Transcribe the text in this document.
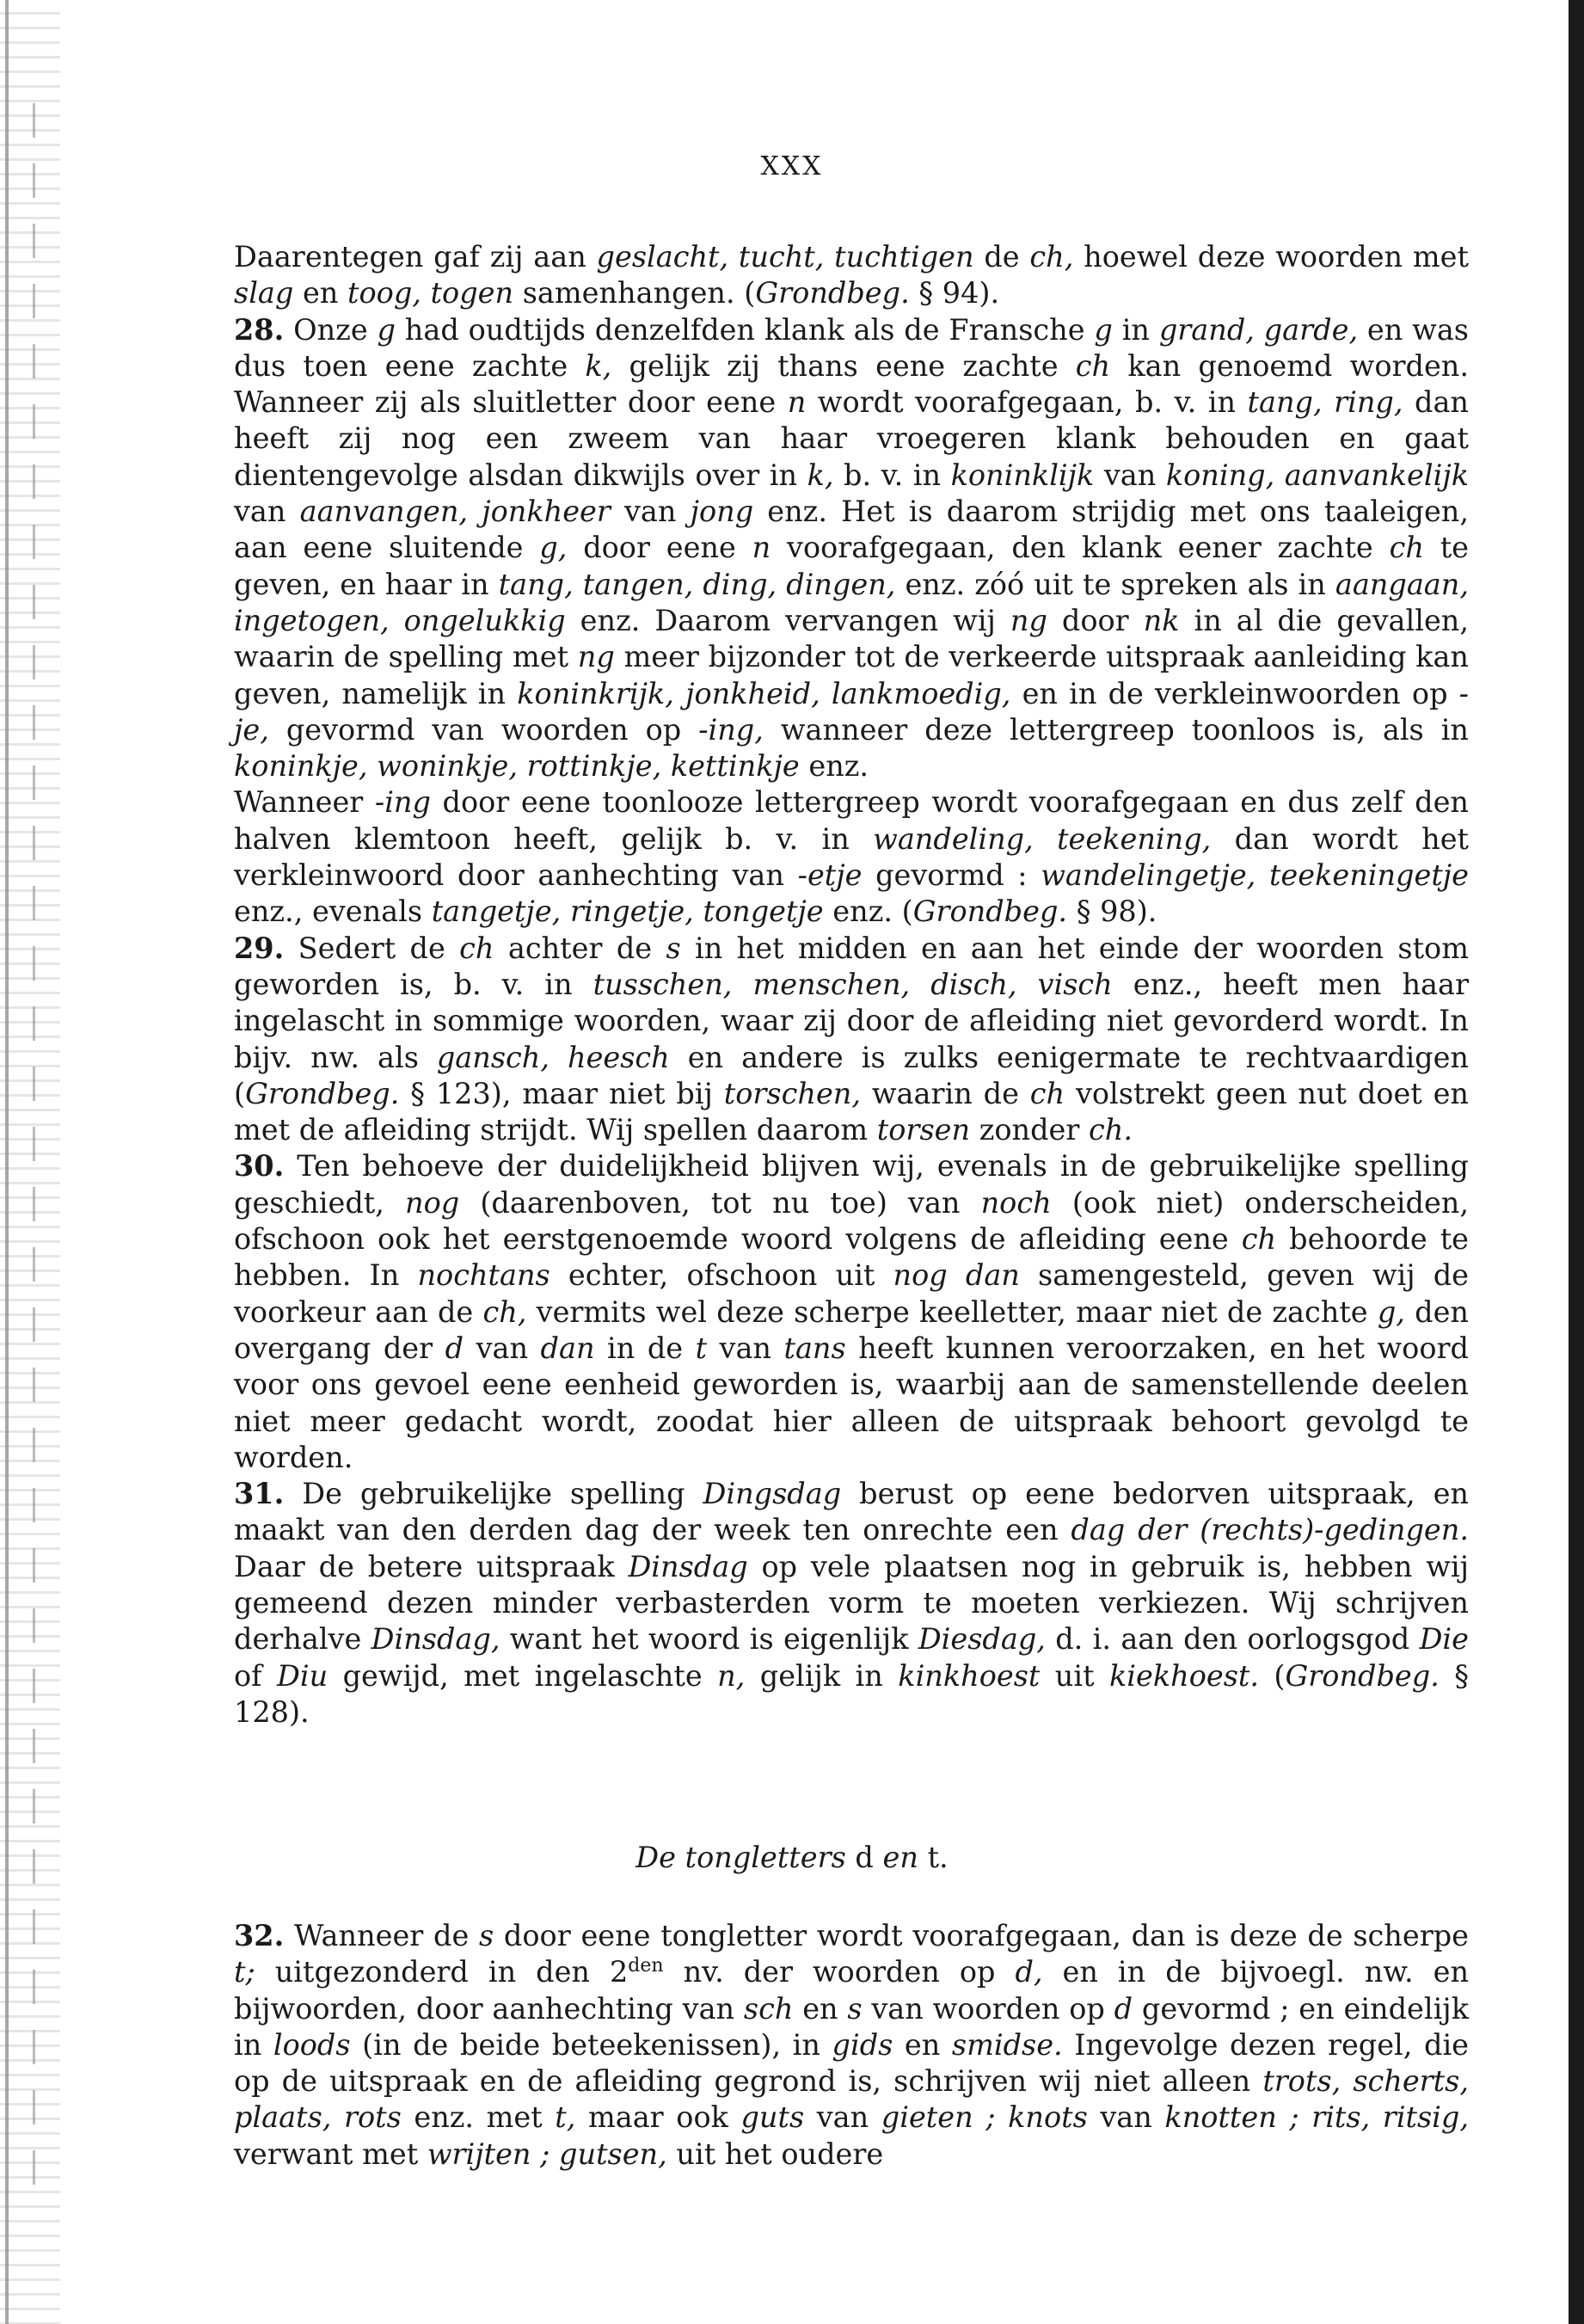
XXX

Daarentegen gaf zij aan geslacht, tucht, tuchtigen de ch, hoewel deze woorden met slag en toog, togen samenhangen. (Grondbeg. § 94).

28. Onze g had oudtijds denzelfden klank als de Fransche g in grand, garde, en was dus toen eene zachte k, gelijk zij thans eene zachte ch kan genoemd worden. Wanneer zij als sluitletter door eene n wordt voorafgegaan, b. v. in tang, ring, dan heeft zij nog een zweem van haar vroegeren klank behouden en gaat dientengevolge alsdan dikwijls over in k, b. v. in koninklijk van koning, aanvankelijk van aanvangen, jonkheer van jong enz. Het is daarom strijdig met ons taaleigen, aan eene sluitende g, door eene n voorafgegaan, den klank eener zachte ch te geven, en haar in tang, tangen, ding, dingen, enz. zóó uit te spreken als in aangaan, ingetogen, ongelukkig enz. Daarom vervangen wij ng door nk in al die gevallen, waarin de spelling met ng meer bijzonder tot de verkeerde uitspraak aanleiding kan geven, namelijk in koninkrijk, jonkheid, lankmoedig, en in de verkleinwoorden op -je, gevormd van woorden op -ing, wanneer deze lettergreep toonloos is, als in koninkje, woninkje, rottinkje, kettinkje enz.

Wanneer -ing door eene toonlooze lettergreep wordt voorafgegaan en dus zelf den halven klemtoon heeft, gelijk b. v. in wandeling, teekening, dan wordt het verkleinwoord door aanhechting van -etje gevormd : wandelingetje, teekeningetje enz., evenals tangetje, ringetje, tongetje enz. (Grondbeg. § 98).

29. Sedert de ch achter de s in het midden en aan het einde der woorden stom geworden is, b. v. in tusschen, menschen, disch, visch enz., heeft men haar ingelascht in sommige woorden, waar zij door de afleiding niet gevorderd wordt. In bijv. nw. als gansch, heesch en andere is zulks eenigermate te rechtvaardigen (Grondbeg. § 123), maar niet bij torschen, waarin de ch volstrekt geen nut doet en met de afleiding strijdt. Wij spellen daarom torsen zonder ch.

30. Ten behoeve der duidelijkheid blijven wij, evenals in de gebruikelijke spelling geschiedt, nog (daarenboven, tot nu toe) van noch (ook niet) onderscheiden, ofschoon ook het eerstgenoemde woord volgens de afleiding eene ch behoorde te hebben. In nochtans echter, ofschoon uit nog dan samengesteld, geven wij de voorkeur aan de ch, vermits wel deze scherpe keelletter, maar niet de zachte g, den overgang der d van dan in de t van tans heeft kunnen veroorzaken, en het woord voor ons gevoel eene eenheid geworden is, waarbij aan de samenstellende deelen niet meer gedacht wordt, zoodat hier alleen de uitspraak behoort gevolgd te worden.

31. De gebruikelijke spelling Dingsdag berust op eene bedorven uitspraak, en maakt van den derden dag der week ten onrechte een dag der (rechts)-gedingen. Daar de betere uitspraak Dinsdag op vele plaatsen nog in gebruik is, hebben wij gemeend dezen minder verbasterden vorm te moeten verkiezen. Wij schrijven derhalve Dinsdag, want het woord is eigenlijk Diesdag, d. i. aan den oorlogsgod Die of Diu gewijd, met ingelaschte n, gelijk in kinkhoest uit kiekhoest. (Grondbeg. § 128).

De tongletters d en t.

32. Wanneer de s door eene tongletter wordt voorafgegaan, dan is deze de scherpe t; uitgezonderd in den $2^{den}$ nv. der woorden op d, en in de bijvoegl. nw. en bijwoorden, door aanhechting van sch en s van woorden op d gevormd ; en eindelijk in loods (in de beide beteekenissen), in gids en smidse. Ingevolge dezen regel, die op de uitspraak en de afleiding gegrond is, schrijven wij niet alleen trots, scherts, plaats, rots enz. met t, maar ook guts van gieten ; knots van knotten ; rits, ritsig, verwant met wrijten ; gutsen, uit het oudere
